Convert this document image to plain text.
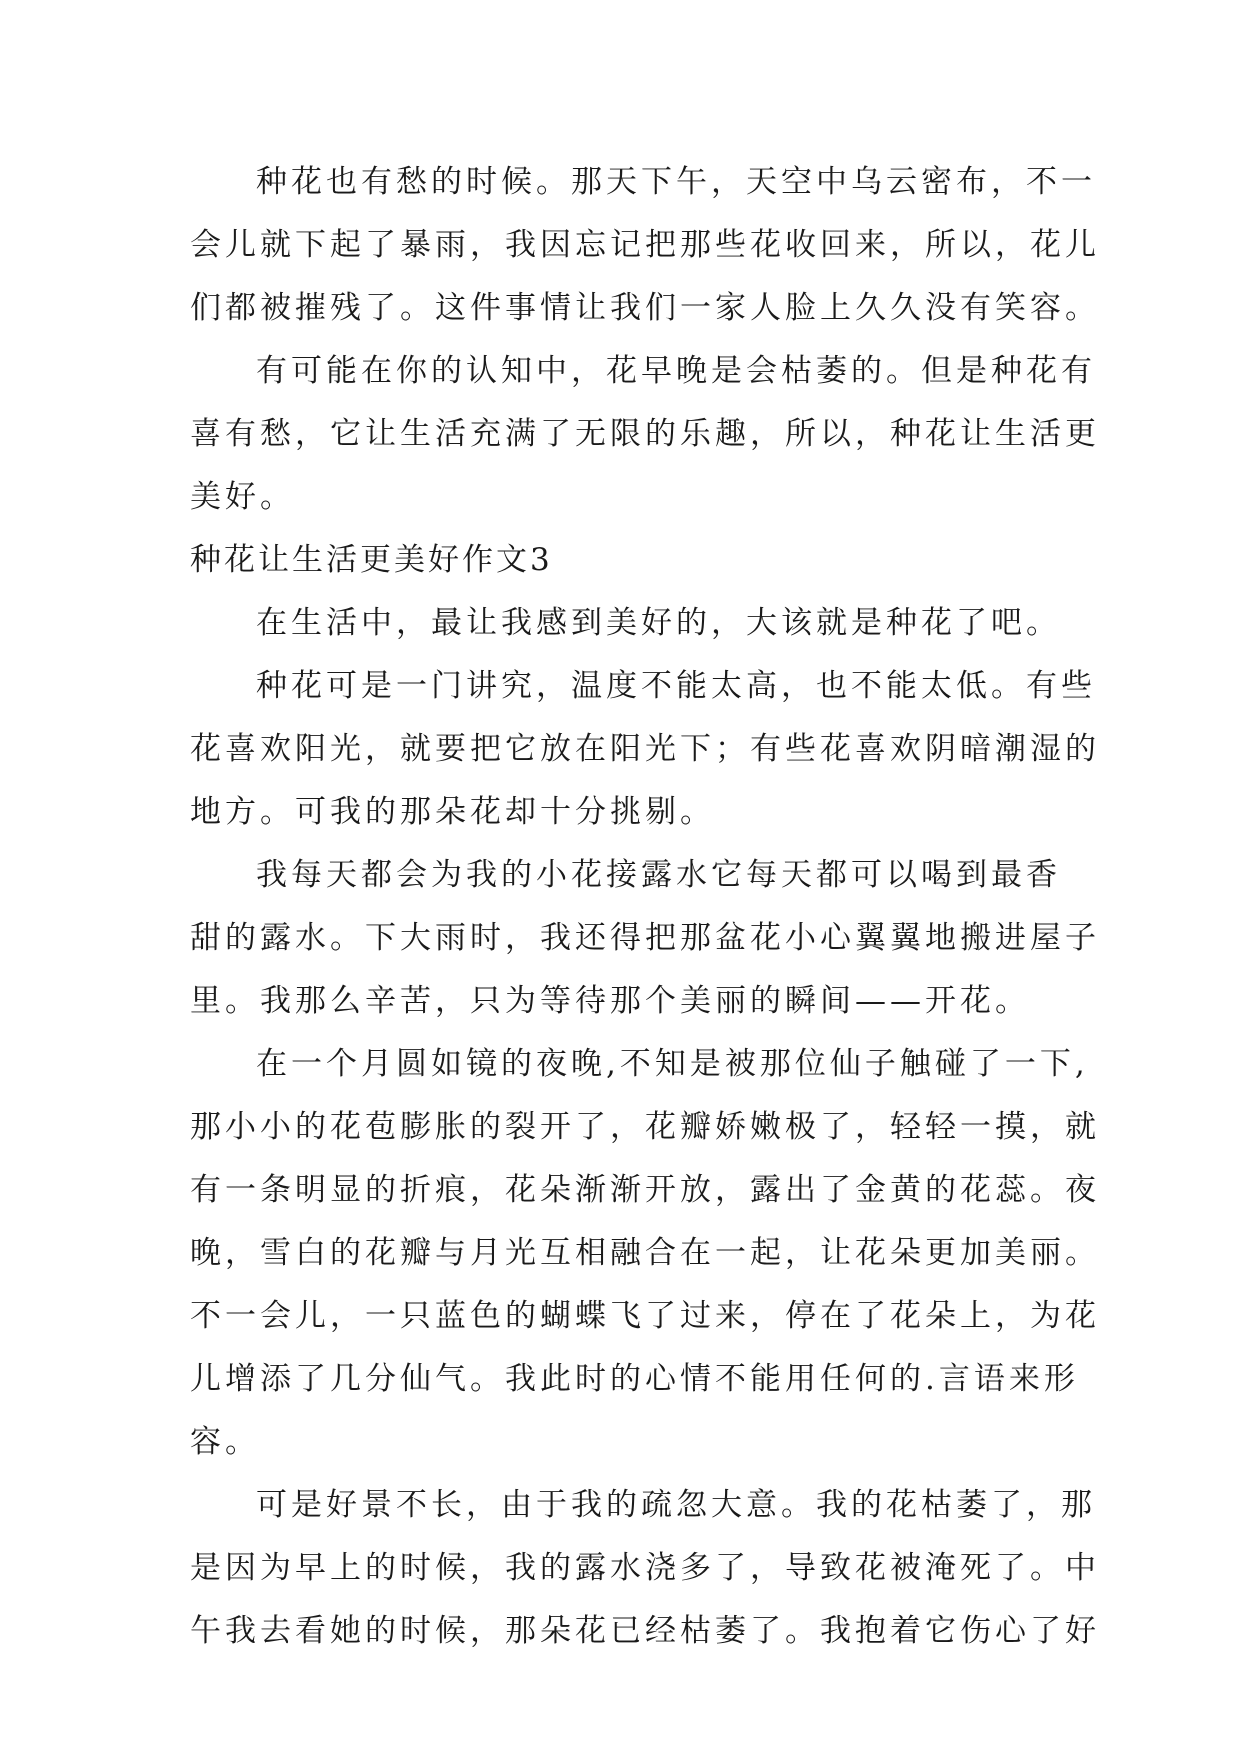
种花也有愁的时候。那天下午，天空中乌云密布，不一
会儿就下起了暴雨，我因忘记把那些花收回来，所以，花儿
们都被摧残了。这件事情让我们一家人脸上久久没有笑容。
有可能在你的认知中，花早晚是会枯萎的。但是种花有
喜有愁，它让生活充满了无限的乐趣，所以，种花让生活更
美好。
种花让生活更美好作文3
在生活中，最让我感到美好的，大该就是种花了吧。
种花可是一门讲究，温度不能太高，也不能太低。有些
花喜欢阳光，就要把它放在阳光下；有些花喜欢阴暗潮湿的
地方。可我的那朵花却十分挑剔。
我每天都会为我的小花接露水它每天都可以喝到最香
甜的露水。下大雨时，我还得把那盆花小心翼翼地搬进屋子
里。我那么辛苦，只为等待那个美丽的瞬间——开花。
在一个月圆如镜的夜晚,不知是被那位仙子触碰了一下,
那小小的花苞膨胀的裂开了，花瓣娇嫩极了，轻轻一摸，就
有一条明显的折痕，花朵渐渐开放，露出了金黄的花蕊。夜
晚，雪白的花瓣与月光互相融合在一起，让花朵更加美丽。
不一会儿，一只蓝色的蝴蝶飞了过来，停在了花朵上，为花
儿增添了几分仙气。我此时的心情不能用任何的.言语来形
容。
可是好景不长，由于我的疏忽大意。我的花枯萎了，那
是因为早上的时候，我的露水浇多了，导致花被淹死了。中
午我去看她的时候，那朵花已经枯萎了。我抱着它伤心了好
